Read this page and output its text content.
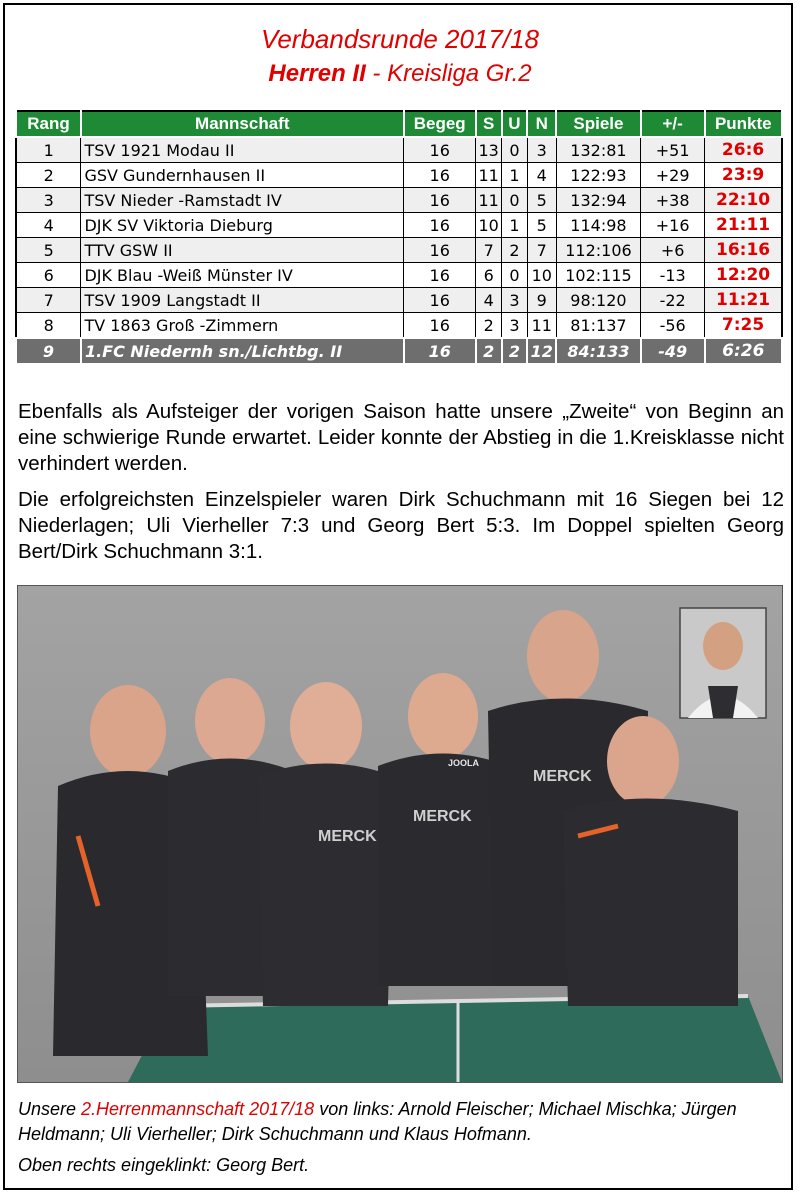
Verbandsrunde 2017/18
Herren II - Kreisliga Gr.2
Rang	Mannschaft	Begeg	S	U	N	Spiele	+/-	Punkte
1	TSV 1921 Modau II	16	13	0	3	132:81	+51	26:6
2	GSV Gundernhausen II	16	11	1	4	122:93	+29	23:9
3	TSV Nieder -Ramstadt IV	16	11	0	5	132:94	+38	22:10
4	DJK SV Viktoria Dieburg	16	10	1	5	114:98	+16	21:11
5	TTV GSW II	16	7	2	7	112:106	+6	16:16
6	DJK Blau -Weiß Münster IV	16	6	0	10	102:115	-13	12:20
7	TSV 1909 Langstadt II	16	4	3	9	98:120	-22	11:21
8	TV 1863 Groß -Zimmern	16	2	3	11	81:137	-56	7:25
9	1.FC Niedernh sn./Lichtbg. II	16	2	2	12	84:133	-49	6:26
Ebenfalls als Aufsteiger der vorigen Saison hatte unsere „Zweite“ von Beginn an eine schwierige Runde erwartet. Leider konnte der Abstieg in die 1.Kreisklasse nicht verhindert werden.
Die erfolgreichsten Einzelspieler waren Dirk Schuchmann mit 16 Siegen bei 12 Niederlagen; Uli Vierheller 7:3 und Georg Bert 5:3. Im Doppel spielten Georg Bert/Dirk Schuchmann 3:1.
MERCK
MERCK
JOOLA
MERCK
Unsere 2.Herrenmannschaft 2017/18 von links: Arnold Fleischer; Michael Mischka; Jürgen Heldmann; Uli Vierheller; Dirk Schuchmann und Klaus Hofmann.
Oben rechts eingeklinkt: Georg Bert.
